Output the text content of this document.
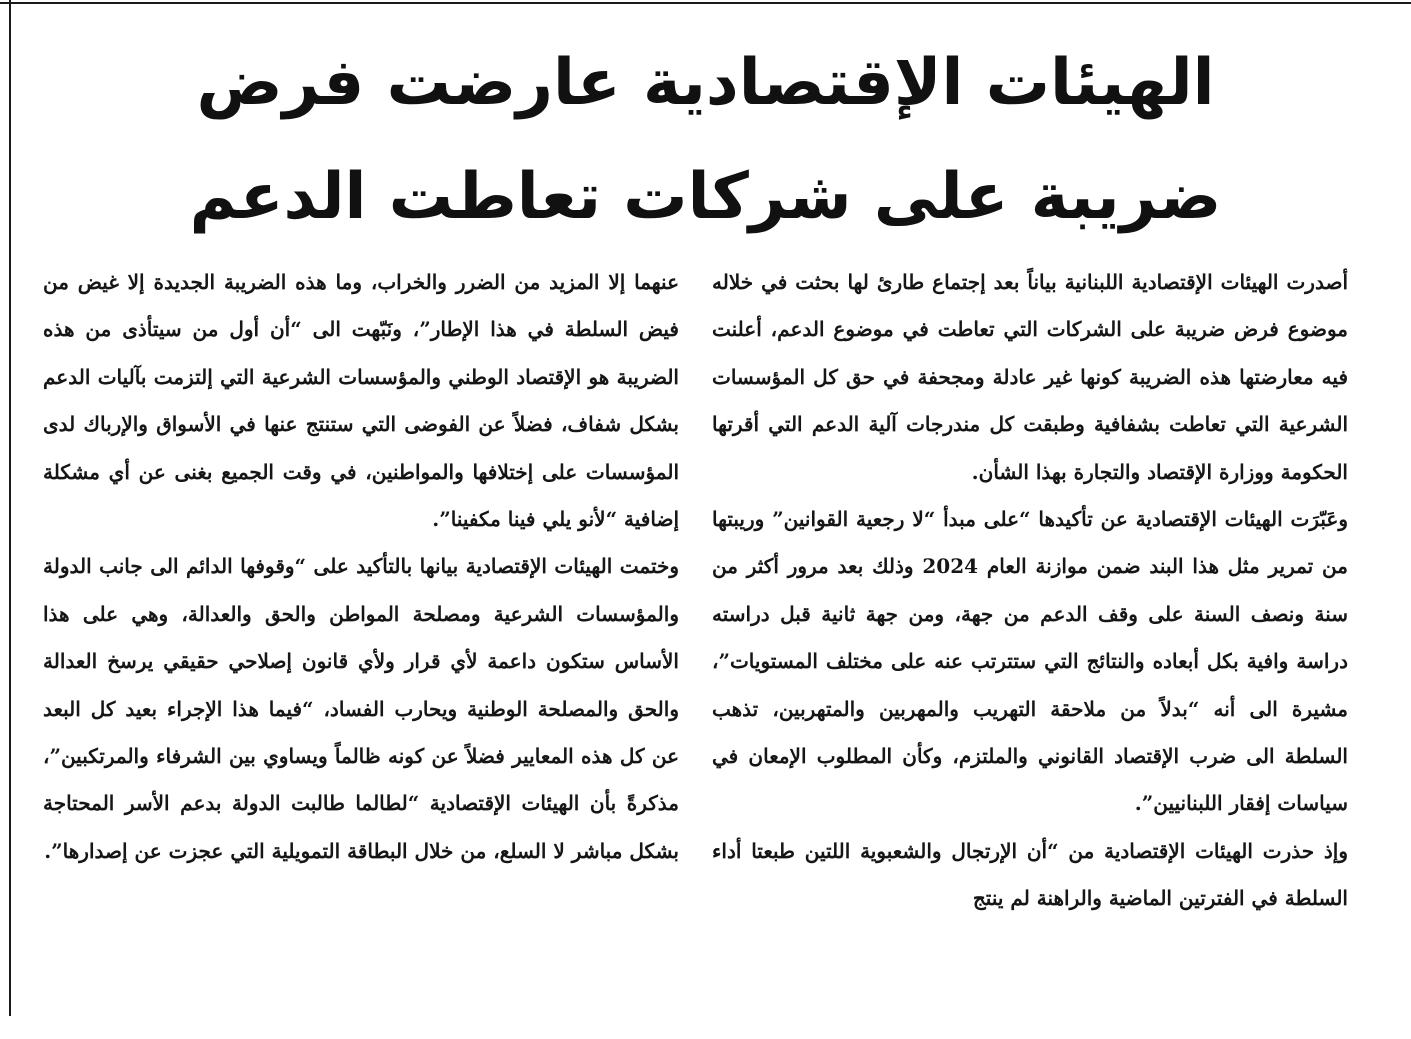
الهيئات الإقتصادية عارضت فرض
ضريبة على شركات تعاطت الدعم

أصدرت الهيئات الإقتصادية اللبنانية بياناً بعد إجتماع طارئ لها بحثت في خلاله موضوع فرض ضريبة على الشركات التي تعاطت في موضوع الدعم، أعلنت فيه معارضتها هذه الضريبة كونها غير عادلة ومجحفة في حق كل المؤسسات الشرعية التي تعاطت بشفافية وطبقت كل مندرجات آلية الدعم التي أقرتها الحكومة ووزارة الإقتصاد والتجارة بهذا الشأن.

وعَبّرَت الهيئات الإقتصادية عن تأكيدها “على مبدأ “لا رجعية القوانين” وريبتها من تمرير مثل هذا البند ضمن موازنة العام 2024 وذلك بعد مرور أكثر من سنة ونصف السنة على وقف الدعم من جهة، ومن جهة ثانية قبل دراسته دراسة وافية بكل أبعاده والنتائج التي ستترتب عنه على مختلف المستويات”، مشيرة الى أنه “بدلاً من ملاحقة التهريب والمهربين والمتهربين، تذهب السلطة الى ضرب الإقتصاد القانوني والملتزم، وكأن المطلوب الإمعان في سياسات إفقار اللبنانيين”.

وإذ حذرت الهيئات الإقتصادية من “أن الإرتجال والشعبوية اللتين طبعتا أداء السلطة في الفترتين الماضية والراهنة لم ينتج

عنهما إلا المزيد من الضرر والخراب، وما هذه الضريبة الجديدة إلا غيض من فيض السلطة في هذا الإطار”، ونَبّهت الى “أن أول من سيتأذى من هذه الضريبة هو الإقتصاد الوطني والمؤسسات الشرعية التي إلتزمت بآليات الدعم بشكل شفاف، فضلاً عن الفوضى التي ستنتج عنها في الأسواق والإرباك لدى المؤسسات على إختلافها والمواطنين، في وقت الجميع بغنى عن أي مشكلة إضافية “لأنو يلي فينا مكفينا”.

وختمت الهيئات الإقتصادية بيانها بالتأكيد على “وقوفها الدائم الى جانب الدولة والمؤسسات الشرعية ومصلحة المواطن والحق والعدالة، وهي على هذا الأساس ستكون داعمة لأي قرار ولأي قانون إصلاحي حقيقي يرسخ العدالة والحق والمصلحة الوطنية ويحارب الفساد، “فيما هذا الإجراء بعيد كل البعد عن كل هذه المعايير فضلاً عن كونه ظالماً ويساوي بين الشرفاء والمرتكبين”، مذكرةً بأن الهيئات الإقتصادية “لطالما طالبت الدولة بدعم الأسر المحتاجة بشكل مباشر لا السلع، من خلال البطاقة التمويلية التي عجزت عن إصدارها”.
